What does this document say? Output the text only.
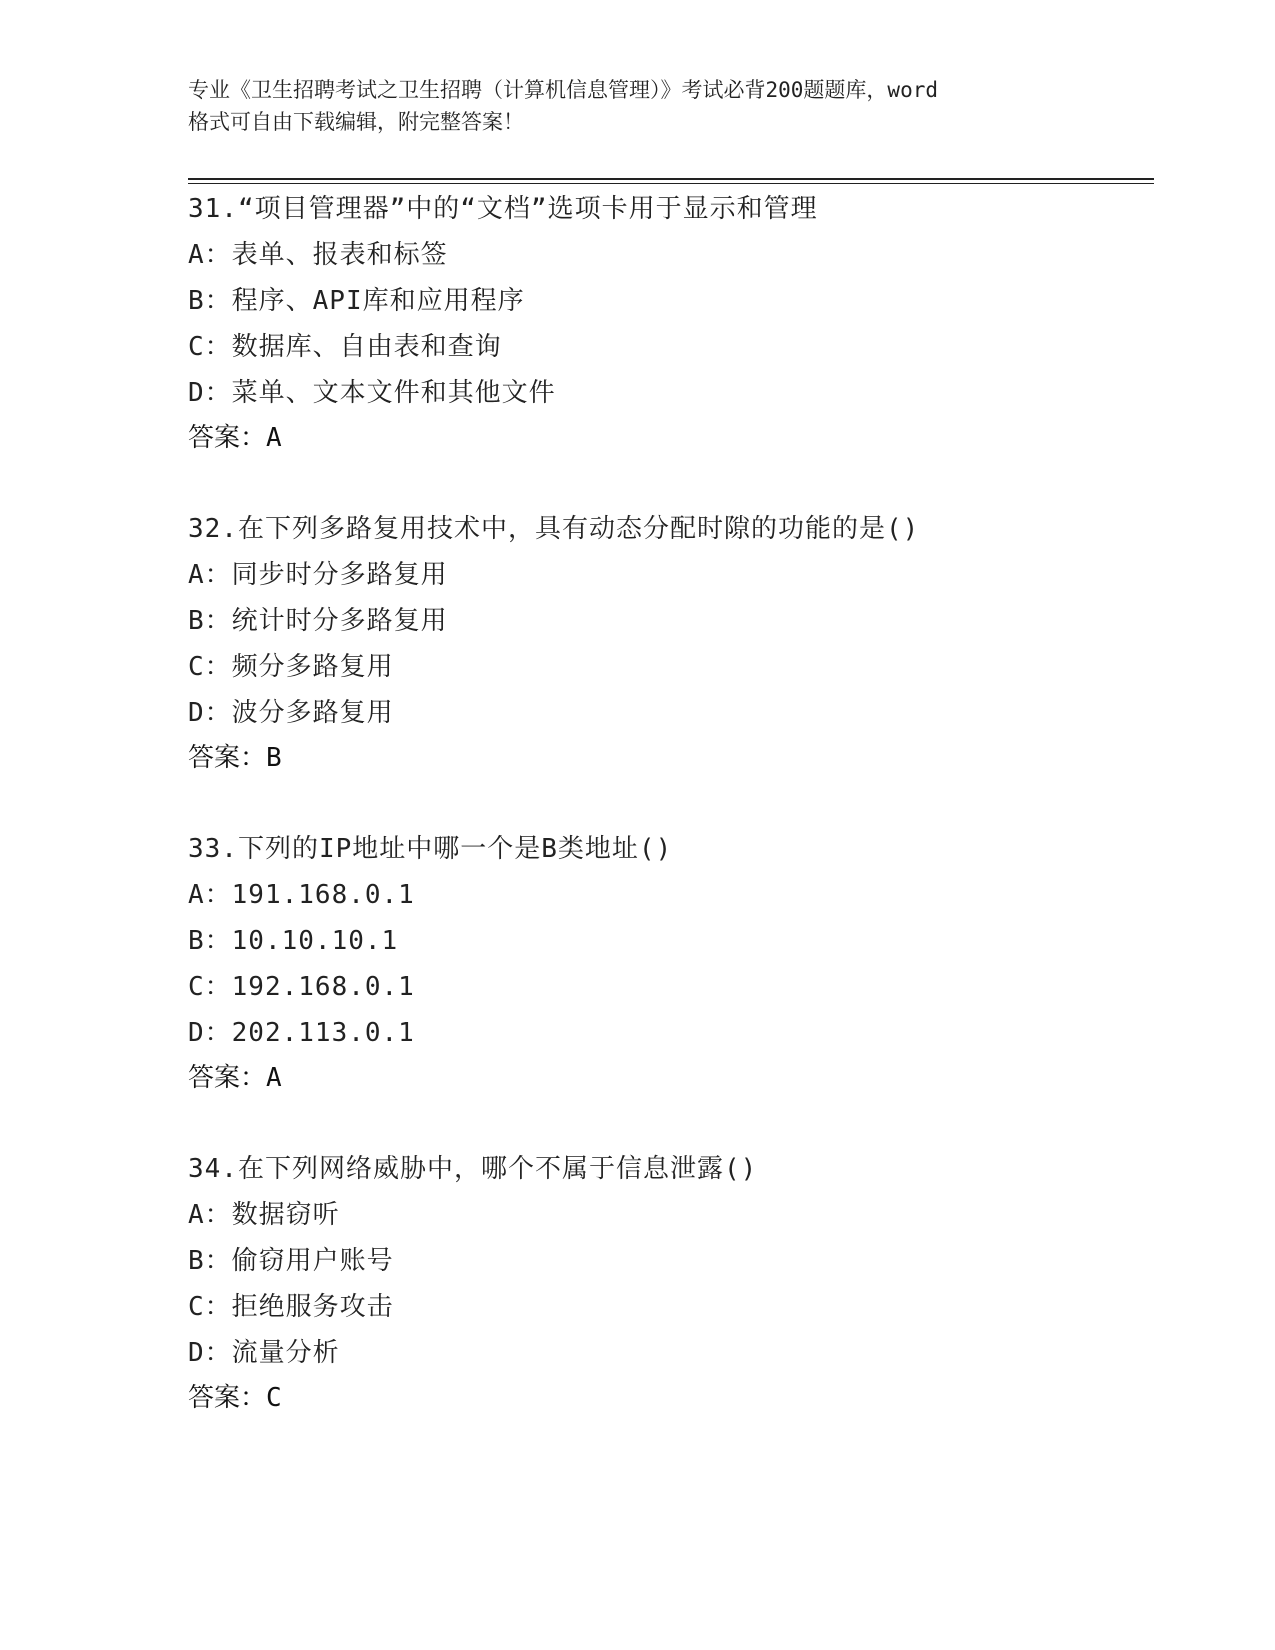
专业《卫生招聘考试之卫生招聘（计算机信息管理）》考试必背200题题库，word
格式可自由下载编辑，附完整答案！
31.“项目管理器”中的“文档”选项卡用于显示和管理
A：表单、报表和标签
B：程序、API库和应用程序
C：数据库、自由表和查询
D：菜单、文本文件和其他文件
答案：A
32.在下列多路复用技术中，具有动态分配时隙的功能的是()
A：同步时分多路复用
B：统计时分多路复用
C：频分多路复用
D：波分多路复用
答案：B
33.下列的IP地址中哪一个是B类地址()
A：191.168.0.1
B：10.10.10.1
C：192.168.0.1
D：202.113.0.1
答案：A
34.在下列网络威胁中，哪个不属于信息泄露()
A：数据窃听
B：偷窃用户账号
C：拒绝服务攻击
D：流量分析
答案：C
